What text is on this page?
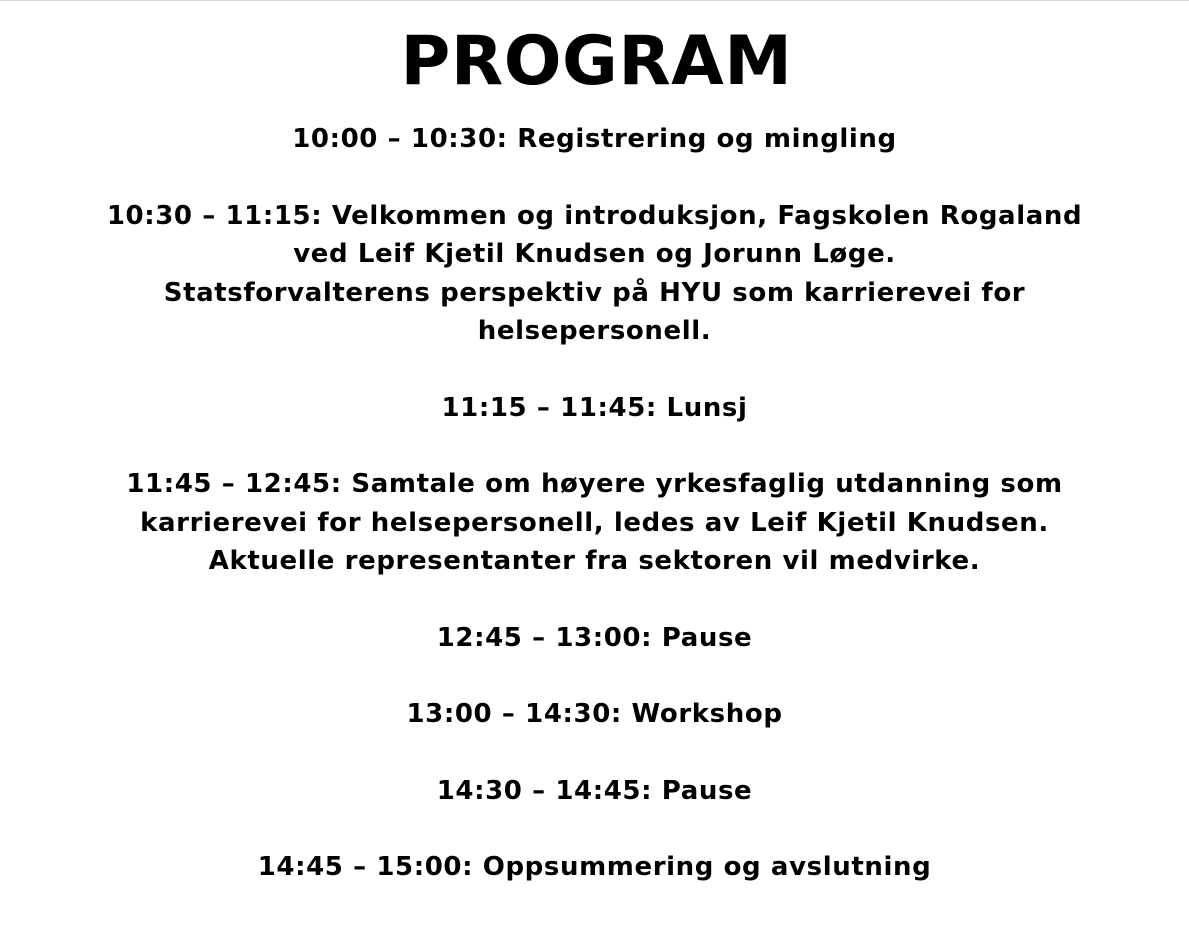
PROGRAM
10:00 – 10:30: Registrering og mingling
10:30 – 11:15: Velkommen og introduksjon, Fagskolen Rogaland
ved Leif Kjetil Knudsen og Jorunn Løge.
Statsforvalterens perspektiv på HYU som karrierevei for
helsepersonell.
11:15 – 11:45: Lunsj
11:45 – 12:45: Samtale om høyere yrkesfaglig utdanning som
karrierevei for helsepersonell, ledes av Leif Kjetil Knudsen.
Aktuelle representanter fra sektoren vil medvirke.
12:45 – 13:00: Pause
13:00 – 14:30: Workshop
14:30 – 14:45: Pause
14:45 – 15:00: Oppsummering og avslutning
